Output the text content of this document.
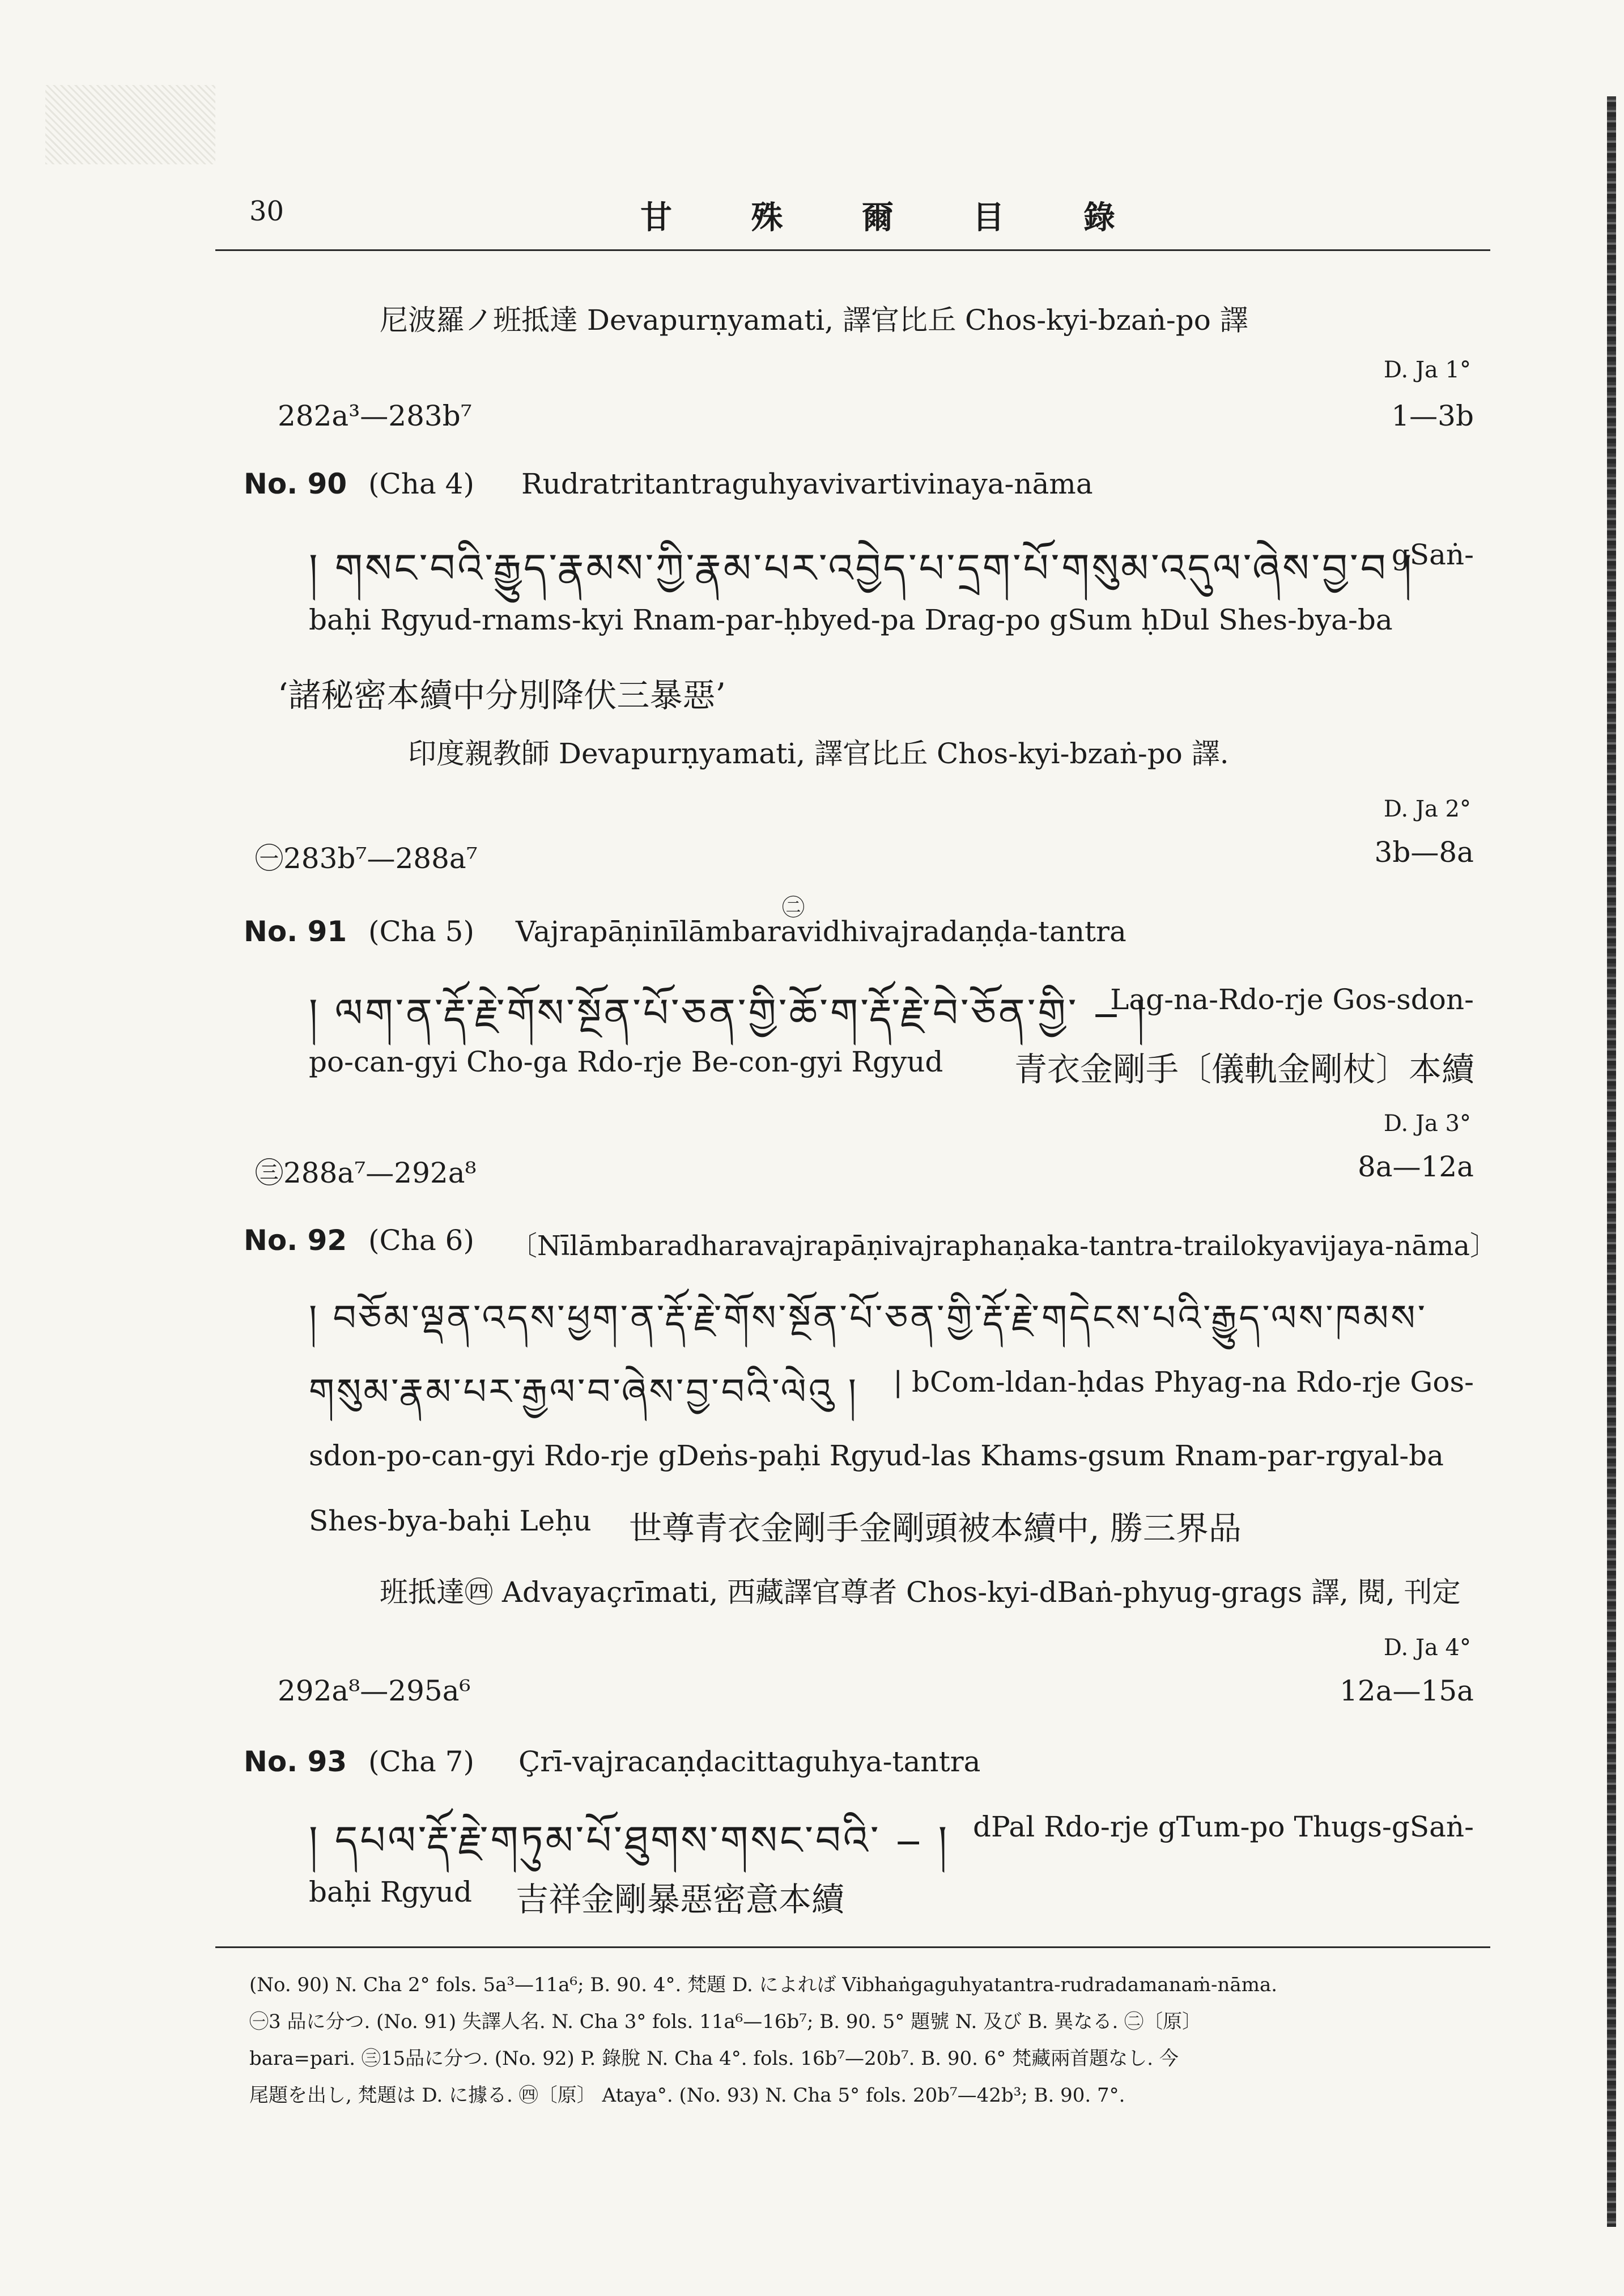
30	甘 殊 爾 目 錄
尼波羅ノ班抵達 Devapurṇyamati, 譯官比丘 Chos-kyi-bzaṅ-po 譯
D. Ja 1°
282a³—283b⁷	1—3b
No. 90 (Cha 4) Rudratritantraguhyavivartivinaya-nāma
། གསང་བའི་རྒྱུད་རྣམས་ཀྱི་རྣམ་པར་འབྱེད་པ་དྲག་པོ་གསུམ་འདུལ་ཞེས་བྱ་བ །
gSaṅ-
baḥi Rgyud-rnams-kyi Rnam-par-ḥbyed-pa Drag-po gSum ḥDul Shes-bya-ba
‘諸秘密本續中分別降伏三暴惡’
印度親教師 Devapurṇyamati, 譯官比丘 Chos-kyi-bzaṅ-po 譯.
D. Ja 2°
㊀283b⁷—288a⁷	3b—8a
㊁
No. 91 (Cha 5) Vajrapāṇinīlāmbaravidhivajradaṇḍa-tantra
། ལག་ན་རྡོ་རྗེ་གོས་སྔོན་པོ་ཅན་གྱི་ཆོ་ག་རྡོ་རྗེ་བེ་ཅོན་གྱི་ ‒ །
Lag-na-Rdo-rje Gos-sdon-
po-can-gyi Cho-ga Rdo-rje Be-con-gyi Rgyud 青衣金剛手〔儀軌金剛杖〕本續
D. Ja 3°
㊂288a⁷—292a⁸	8a—12a
No. 92 (Cha 6) 〔Nīlāmbaradharavajrapāṇivajraphaṇaka-tantra-trailokyavijaya-nāma〕
། བཅོམ་ལྡན་འདས་ཕྱག་ན་རྡོ་རྗེ་གོས་སྔོན་པོ་ཅན་གྱི་རྡོ་རྗེ་གདེངས་པའི་རྒྱུད་ལས་ཁམས་
གསུམ་རྣམ་པར་རྒྱལ་བ་ཞེས་བྱ་བའི་ལེའུ ། | bCom-ldan-ḥdas Phyag-na Rdo-rje Gos-
sdon-po-can-gyi Rdo-rje gDeṅs-paḥi Rgyud-las Khams-gsum Rnam-par-rgyal-ba
Shes-bya-baḥi Leḥu 世尊青衣金剛手金剛頭被本續中, 勝三界品
班抵達㊃ Advayaçrīmati, 西藏譯官尊者 Chos-kyi-dBaṅ-phyug-grags 譯, 閱, 刊定
D. Ja 4°
292a⁸—295a⁶	12a—15a
No. 93 (Cha 7) Çrī-vajracaṇḍacittaguhya-tantra
། དཔལ་རྡོ་རྗེ་གཏུམ་པོ་ཐུགས་གསང་བའི་ ‒ ། dPal Rdo-rje gTum-po Thugs-gSaṅ-
baḥi Rgyud 吉祥金剛暴惡密意本續
(No. 90) N. Cha 2° fols. 5a³—11a⁶; B. 90. 4°. 梵題 D. によれば Vibhaṅgaguhyatantra-rudradamanaṁ-nāma.
㊀3 品に分つ. (No. 91) 失譯人名. N. Cha 3° fols. 11a⁶—16b⁷; B. 90. 5° 題號 N. 及び B. 異なる. ㊁〔原〕
bara=pari. ㊂15品に分つ. (No. 92) P. 錄脫 N. Cha 4°. fols. 16b⁷—20b⁷. B. 90. 6° 梵藏兩首題なし. 今
尾題を出し, 梵題は D. に據る. ㊃〔原〕 Ataya°. (No. 93) N. Cha 5° fols. 20b⁷—42b³; B. 90. 7°.
